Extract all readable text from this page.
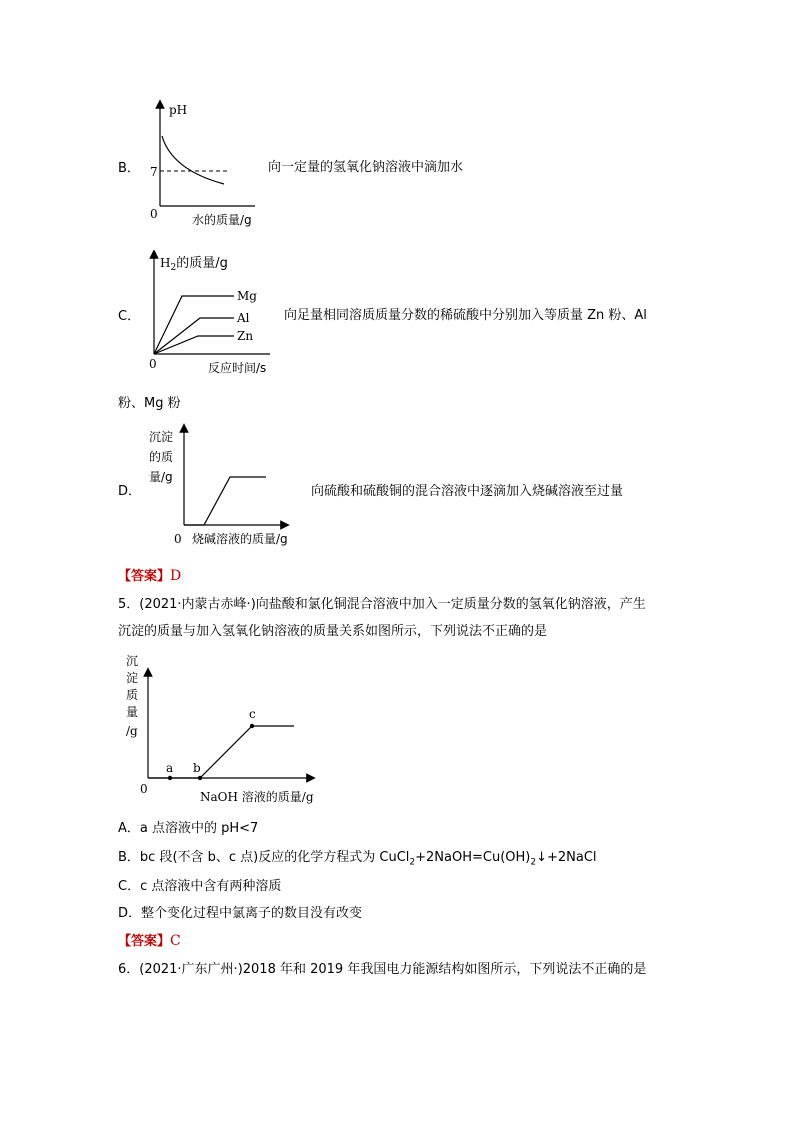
B．
pH
7
0	水的质量/g
向一定量的氢氧化钠溶液中滴加水
C．
$H_2$的质量/g
Mg
Al
Zn
0	反应时间/s
向足量相同溶质质量分数的稀硫酸中分别加入等质量 Zn 粉、Al
粉、Mg 粉
D．
沉淀
的质
量/g
0 烧碱溶液的质量/g
向硫酸和硫酸铜的混合溶液中逐滴加入烧碱溶液至过量
【答案】D
5．(2021·内蒙古赤峰·)向盐酸和氯化铜混合溶液中加入一定质量分数的氢氧化钠溶液，产生
沉淀的质量与加入氢氧化钠溶液的质量关系如图所示，下列说法不正确的是
沉
淀
质
量
/g
a b
c
0
NaOH 溶液的质量/g
A．a 点溶液中的 pH<7
B．bc 段(不含 b、c 点)反应的化学方程式为 $CuCl_2+2NaOH=Cu(OH)_2↓+2NaCl$
C．c 点溶液中含有两种溶质
D．整个变化过程中氯离子的数目没有改变
【答案】C
6．(2021·广东广州·)2018 年和 2019 年我国电力能源结构如图所示，下列说法不正确的是
